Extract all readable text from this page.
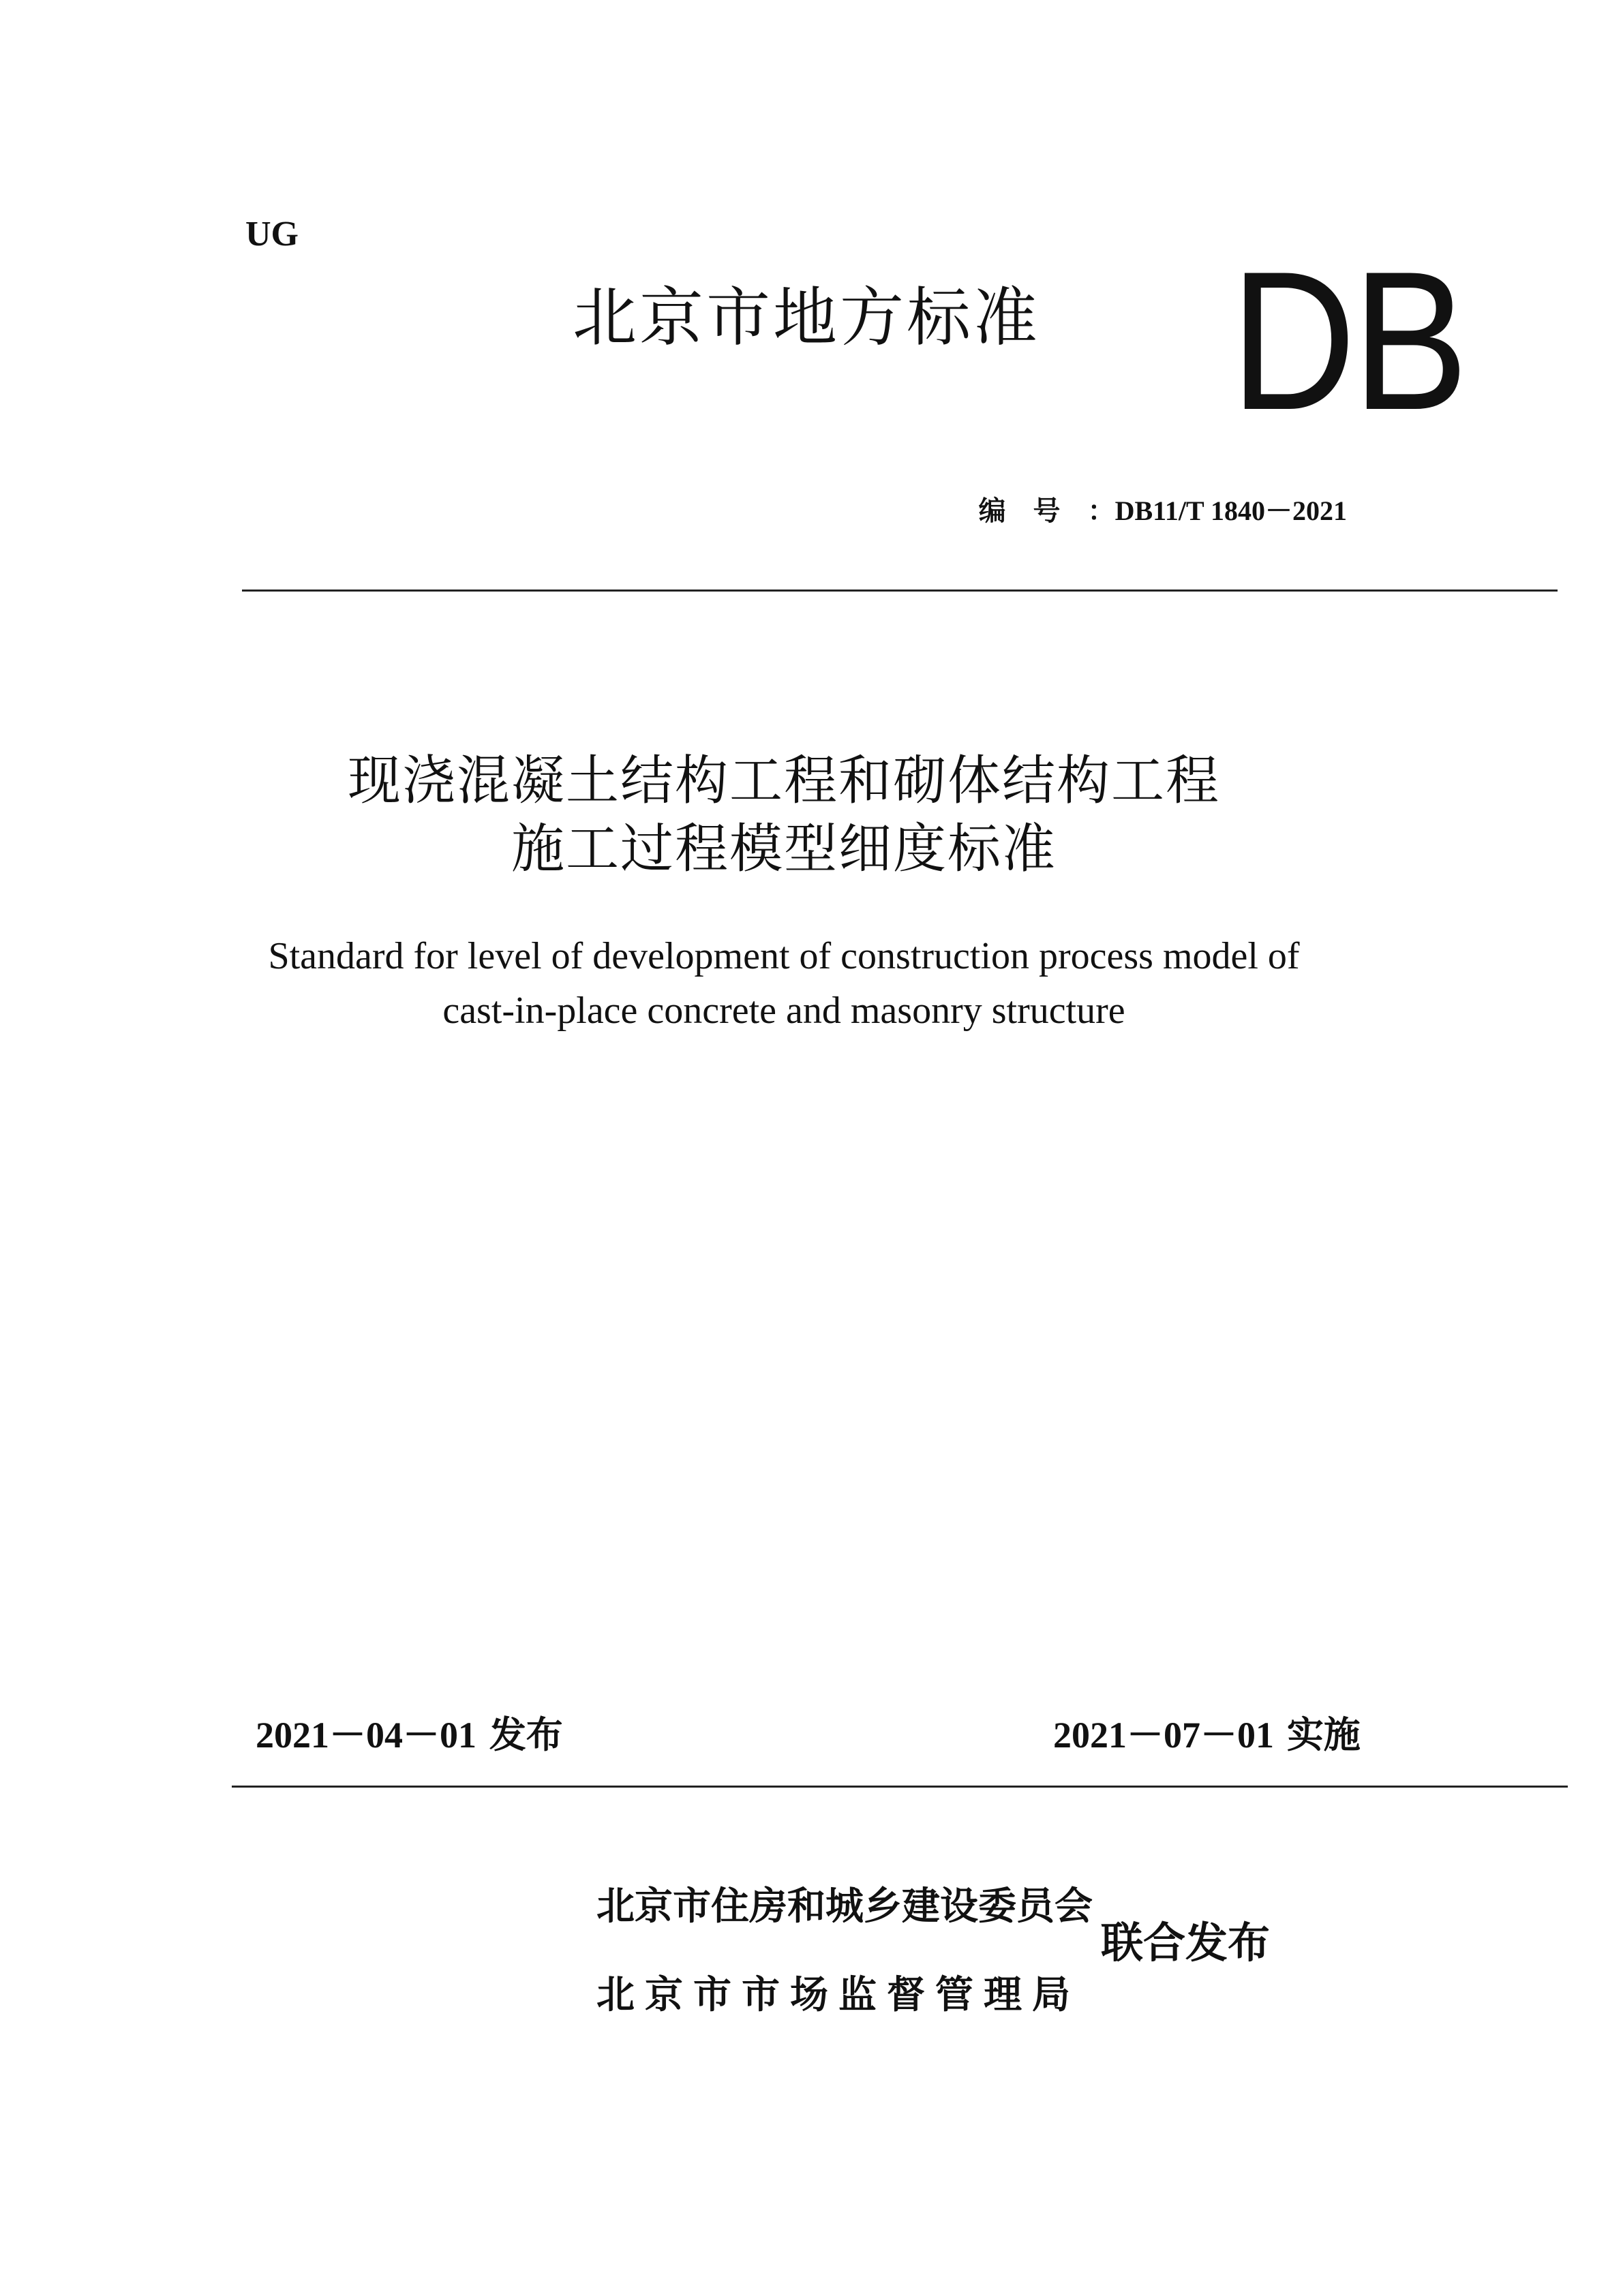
UG
北京市地方标准 DB
编号：DB11/T 1840－2021
现浇混凝土结构工程和砌体结构工程
施工过程模型细度标准
Standard for level of development of construction process model of
cast-in-place concrete and masonry structure
2021－04－01 发布	2021－07－01 实施
北京市住房和城乡建设委员会
北京市市场监督管理局
联合发布
